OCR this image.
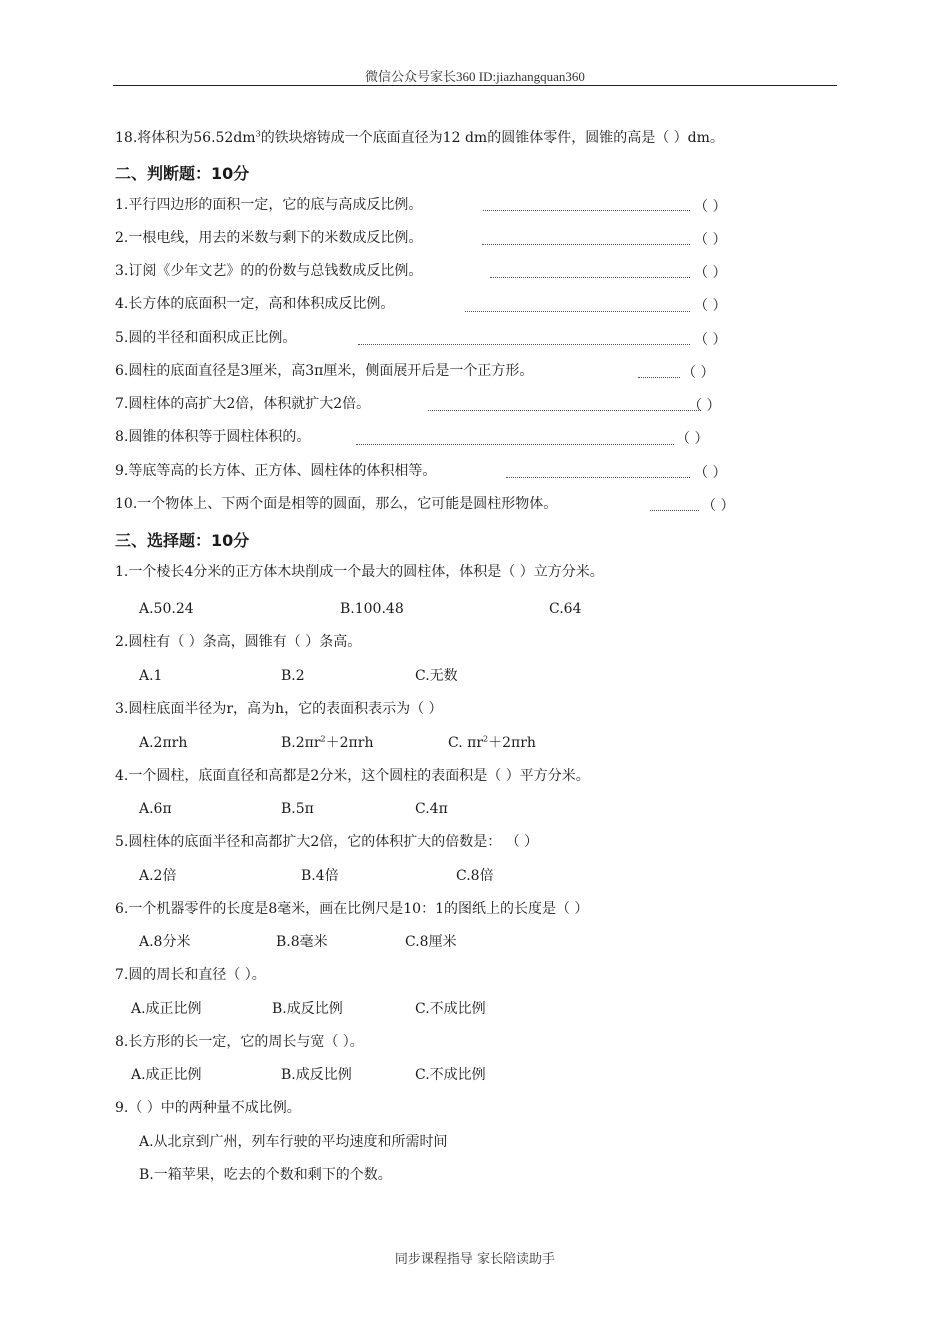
微信公众号家长360 ID:jiazhangquan360
18.将体积为$56.52dm^3$的铁块熔铸成一个底面直径为12 dm的圆锥体零件，圆锥的高是（ ）dm。
二、判断题：10分
1.平行四边形的面积一定，它的底与高成反比例。	（ ）
2.一根电线，用去的米数与剩下的米数成反比例。	（ ）
3.订阅《少年文艺》的的份数与总钱数成反比例。	（ ）
4.长方体的底面积一定，高和体积成反比例。	（ ）
5.圆的半径和面积成正比例。	（ ）
6.圆柱的底面直径是3厘米，高3π厘米，侧面展开后是一个正方形。	（ ）
7.圆柱体的高扩大2倍，体积就扩大2倍。	（ ）
8.圆锥的体积等于圆柱体积的。	（ ）
9.等底等高的长方体、正方体、圆柱体的体积相等。	（ ）
10.一个物体上、下两个面是相等的圆面，那么，它可能是圆柱形物体。	（ ）
三、选择题：10分
1.一个棱长4分米的正方体木块削成一个最大的圆柱体，体积是（ ）立方分米。
A.50.24	B.100.48	C.64
2.圆柱有（ ）条高，圆锥有（ ）条高。
A.1	B.2	C.无数
3.圆柱底面半径为r，高为h，它的表面积表示为（ ）
A.2πrh	$B.2\pi r^2+2\pi rh$	C. $\pi r^2+2\pi rh$
4.一个圆柱，底面直径和高都是2分米，这个圆柱的表面积是（ ）平方分米。
A.6π	B.5π	C.4π
5.圆柱体的底面半径和高都扩大2倍，它的体积扩大的倍数是： （ ）
A.2倍	B.4倍	C.8倍
6.一个机器零件的长度是8毫米，画在比例尺是10：1的图纸上的长度是（ ）
A.8分米	B.8毫米	C.8厘米
7.圆的周长和直径（ ）。
A.成正比例	B.成反比例	C.不成比例
8.长方形的长一定，它的周长与宽（ ）。
A.成正比例	B.成反比例	C.不成比例
9.（ ）中的两种量不成比例。
A.从北京到广州，列车行驶的平均速度和所需时间
B.一箱苹果，吃去的个数和剩下的个数。
同步课程指导 家长陪读助手
